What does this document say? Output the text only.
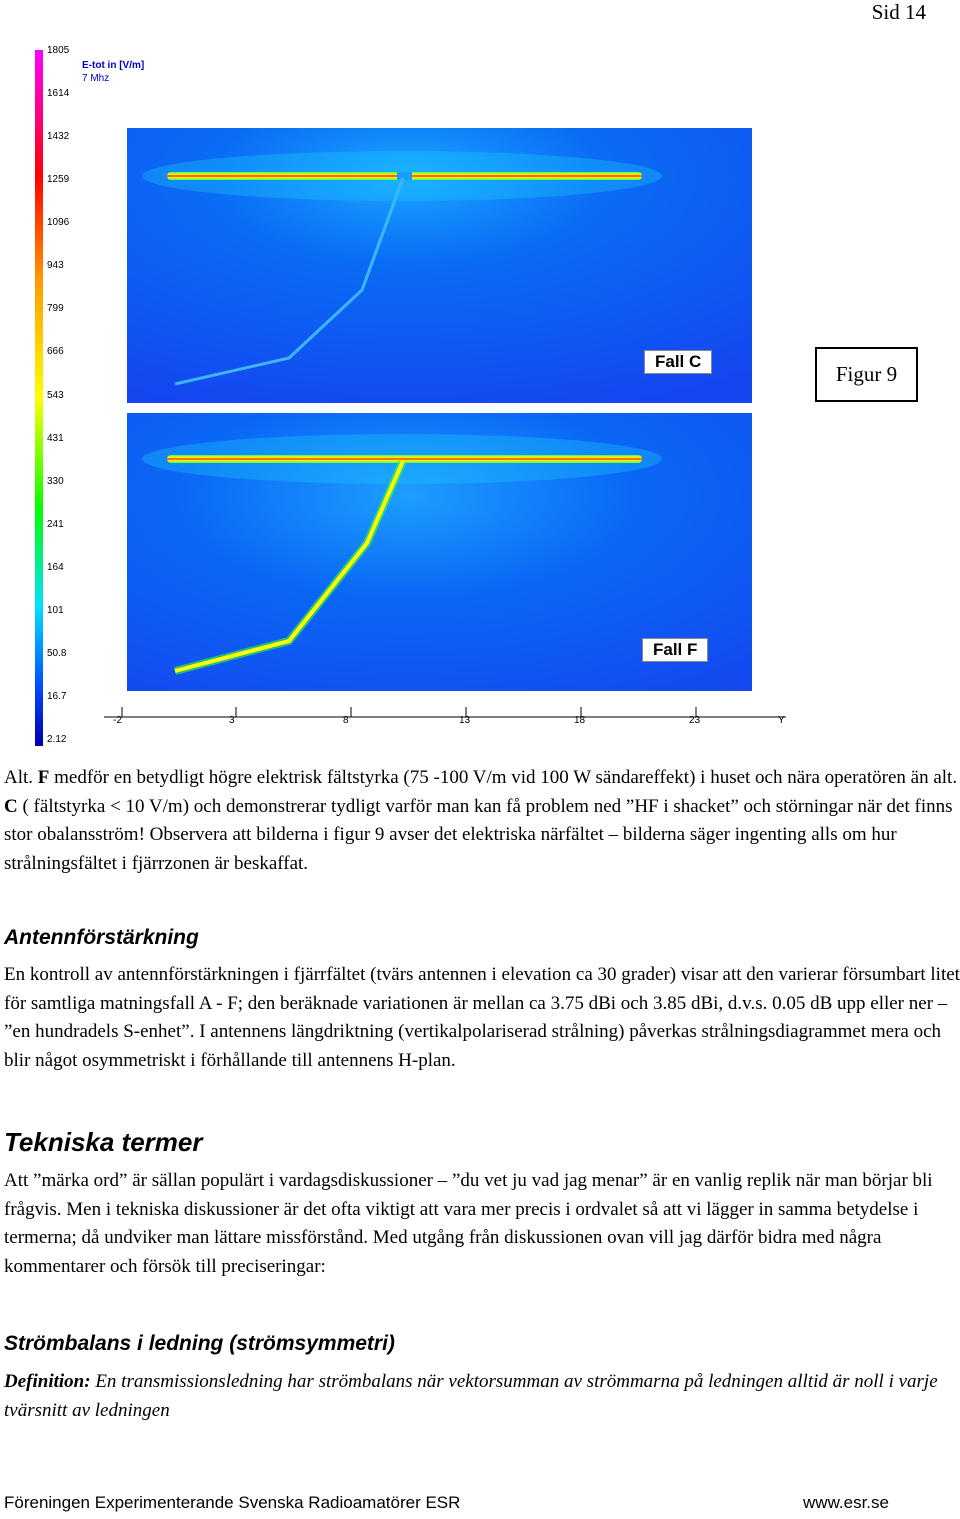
Sid 14
E-tot in [V/m]
7 Mhz
1805
1614
1432
1259
1096
943
799
666
543
431
330
241
164
101
50.8
16.7
2.12
Fall C
Fall F
-2	3	8	13	18	23	Y
Figur 9
Alt. F medför en betydligt högre elektrisk fältstyrka (75 -100 V/m vid 100 W sändareffekt) i huset och nära operatören än alt. C ( fältstyrka < 10 V/m) och demonstrerar tydligt varför man kan få problem ned ”HF i shacket” och störningar när det finns stor obalansström! Observera att bilderna i figur 9 avser det elektriska närfältet – bilderna säger ingenting alls om hur strålningsfältet i fjärrzonen är beskaffat.
Antennförstärkning
En kontroll av antennförstärkningen i fjärrfältet (tvärs antennen i elevation ca 30 grader) visar att den varierar försumbart litet för samtliga matningsfall A - F; den beräknade variationen är mellan ca 3.75 dBi och 3.85 dBi, d.v.s. 0.05 dB upp eller ner – ”en hundradels S-enhet”. I antennens längdriktning (vertikalpolariserad strålning) påverkas strålningsdiagrammet mera och blir något osymmetriskt i förhållande till antennens H-plan.
Tekniska termer
Att ”märka ord” är sällan populärt i vardagsdiskussioner – ”du vet ju vad jag menar” är en vanlig replik när man börjar bli frågvis. Men i tekniska diskussioner är det ofta viktigt att vara mer precis i ordvalet så att vi lägger in samma betydelse i termerna; då undviker man lättare missförstånd. Med utgång från diskussionen ovan vill jag därför bidra med några kommentarer och försök till preciseringar:
Strömbalans i ledning (strömsymmetri)
Definition: En transmissionsledning har strömbalans när vektorsumman av strömmarna på ledningen alltid är noll i varje tvärsnitt av ledningen
Föreningen Experimenterande Svenska Radioamatörer ESR	www.esr.se
